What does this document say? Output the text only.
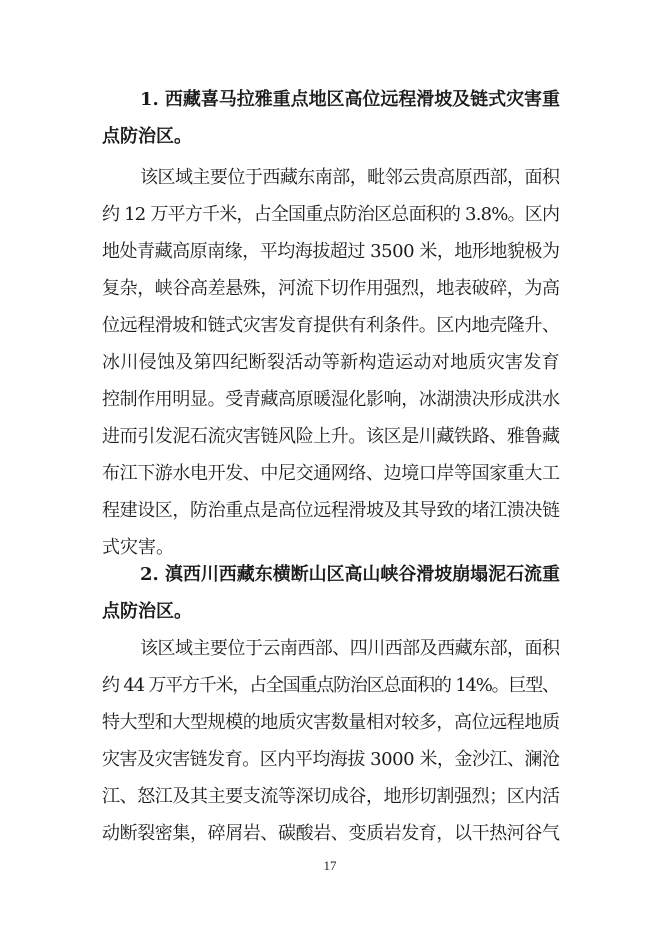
1. 西藏喜马拉雅重点地区高位远程滑坡及链式灾害重
点防治区。
该区域主要位于西藏东南部，毗邻云贵高原西部，面积
约 12 万平方千米，占全国重点防治区总面积的 3.8%。区内
地处青藏高原南缘，平均海拔超过 3500 米，地形地貌极为
复杂，峡谷高差悬殊，河流下切作用强烈，地表破碎，为高
位远程滑坡和链式灾害发育提供有利条件。区内地壳隆升、
冰川侵蚀及第四纪断裂活动等新构造运动对地质灾害发育
控制作用明显。受青藏高原暖湿化影响，冰湖溃决形成洪水
进而引发泥石流灾害链风险上升。该区是川藏铁路、雅鲁藏
布江下游水电开发、中尼交通网络、边境口岸等国家重大工
程建设区，防治重点是高位远程滑坡及其导致的堵江溃决链
式灾害。
2. 滇西川西藏东横断山区高山峡谷滑坡崩塌泥石流重
点防治区。
该区域主要位于云南西部、四川西部及西藏东部，面积
约 44 万平方千米，占全国重点防治区总面积的 14%。巨型、
特大型和大型规模的地质灾害数量相对较多，高位远程地质
灾害及灾害链发育。区内平均海拔 3000 米，金沙江、澜沧
江、怒江及其主要支流等深切成谷，地形切割强烈；区内活
动断裂密集，碎屑岩、碳酸岩、变质岩发育，以干热河谷气
17
